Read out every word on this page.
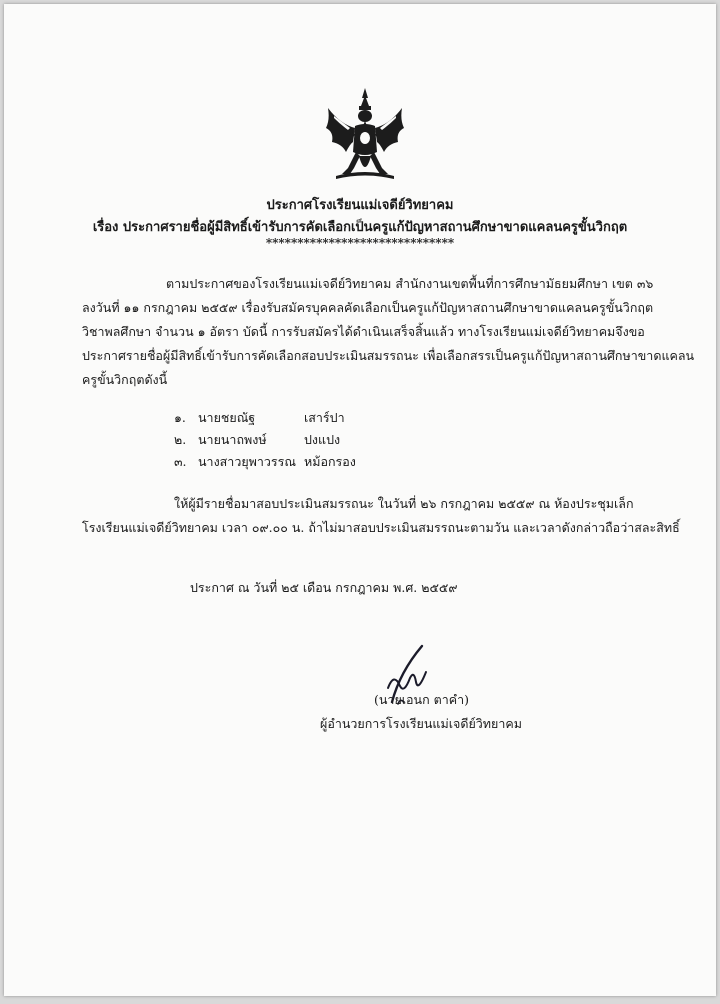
ประกาศโรงเรียนแม่เจดีย์วิทยาคม
เรื่อง ประกาศรายชื่อผู้มีสิทธิ์เข้ารับการคัดเลือกเป็นครูแก้ปัญหาสถานศึกษาขาดแคลนครูขั้นวิกฤต
******************************
ตามประกาศของโรงเรียนแม่เจดีย์วิทยาคม สำนักงานเขตพื้นที่การศึกษามัธยมศึกษา เขต ๓๖
ลงวันที่ ๑๑ กรกฎาคม ๒๕๕๙ เรื่องรับสมัครบุคคลคัดเลือกเป็นครูแก้ปัญหาสถานศึกษาขาดแคลนครูขั้นวิกฤต
วิชาพลศึกษา จำนวน ๑ อัตรา บัดนี้ การรับสมัครได้ดำเนินเสร็จสิ้นแล้ว ทางโรงเรียนแม่เจดีย์วิทยาคมจึงขอ
ประกาศรายชื่อผู้มีสิทธิ์เข้ารับการคัดเลือกสอบประเมินสมรรถนะ เพื่อเลือกสรรเป็นครูแก้ปัญหาสถานศึกษาขาดแคลน
ครูขั้นวิกฤตดังนี้
๑. นายชยณัฐ	เสาร์ปา
๒. นายนาถพงษ์	ปงแปง
๓. นางสาวยุพาวรรณ หม้อกรอง
ให้ผู้มีรายชื่อมาสอบประเมินสมรรถนะ ในวันที่ ๒๖ กรกฎาคม ๒๕๕๙ ณ ห้องประชุมเล็ก
โรงเรียนแม่เจดีย์วิทยาคม เวลา ๐๙.๐๐ น. ถ้าไม่มาสอบประเมินสมรรถนะตามวัน และเวลาดังกล่าวถือว่าสละสิทธิ์
ประกาศ ณ วันที่ ๒๕ เดือน กรกฎาคม พ.ศ. ๒๕๕๙
(นายเอนก ตาคำ)
ผู้อำนวยการโรงเรียนแม่เจดีย์วิทยาคม
